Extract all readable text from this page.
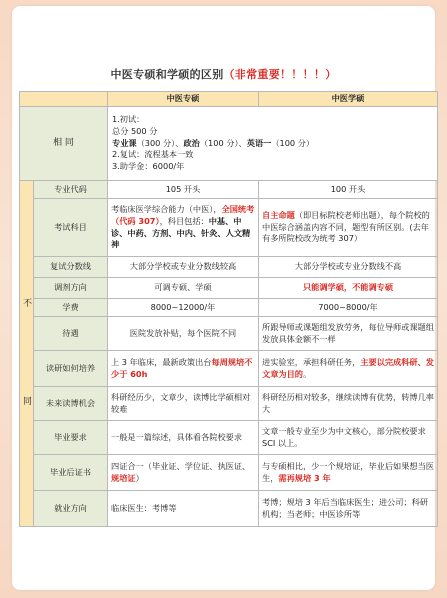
中医专硕和学硕的区别（非常重要！！！！）
		中医专硕	中医学硕
相 同		1.初试：
总分 500 分
专业课（300 分）、政治（100 分）、英语一（100 分）
2.复试：流程基本一致
3.助学金：6000/年	

不
同	专业代码	105 开头	100 开头
	考试科目	考临床医学综合能力（中医），全国统考（代码 307），科目包括：中基、中诊、中药、方剂、中内、针灸、人文精神	自主命题（即目标院校老师出题），每个院校的中医综合涵盖内容不同，题型有所区别。(去年有多所院校改为统考 307）
	复试分数线	大部分学校或专业分数线较高	大部分学校或专业分数线不高
	调剂方向	可调专硕、学硕	只能调学硕，不能调专硕
	学费	8000~12000/年	7000~8000/年
	待遇	医院发放补贴，每个医院不同	所跟导师或课题组发放劳务，每位导师或课题组发放具体金额不一样
	读研如何培养	上 3 年临床，最新政策出台每周规培不少于 60h	进实验室，承担科研任务，主要以完成科研、发文章为目的。
	未来读博机会	科研经历少，文章少，读博比学硕相对较难	科研经历相对较多，继续读博有优势，转博几率大
	毕业要求	一般是一篇综述，具体看各院校要求	文章一般专业至少为中文核心，部分院校要求 SCI 以上。
	毕业后证书	四证合一（毕业证、学位证、执医证、规培证）	与专硕相比，少一个规培证，毕业后如果想当医生，需再规培 3 年
	就业方向	临床医生：考博等	考博；规培 3 年后当临床医生；进公司；科研机构；当老师；中医诊所等
